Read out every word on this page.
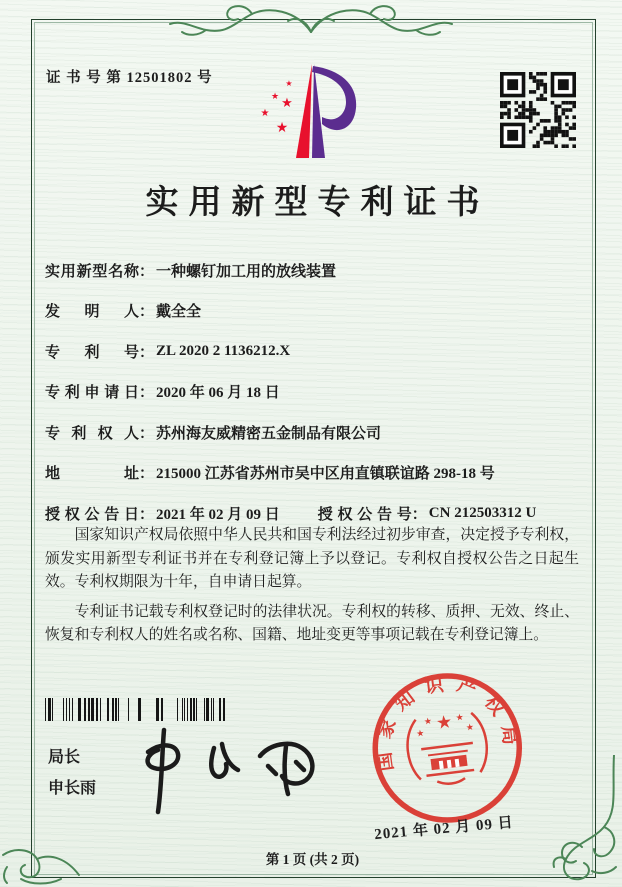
证 书 号 第 12501802 号	★
★ ★
★
★
实用新型专利证书
实用新型名称 ： 一种螺钉加工用的放线装置
发明人 ： 戴全全
专利号 ： ZL 2020 2 1136212.X
专利申请日 ： 2020 年 06 月 18 日
专利权人 ： 苏州海友威精密五金制品有限公司
地址 ： 215000 江苏省苏州市吴中区甪直镇联谊路 298-18 号
授权公告日 ： 2021 年 02 月 09 日	授权公告号 ： CN 212503312 U

国家知识产权局依照中华人民共和国专利法经过初步审查，决定授予专利权，颁发实用新型专利证书并在专利登记簿上予以登记。专利权自授权公告之日起生效。专利权期限为十年，自申请日起算。

专利证书记载专利权登记时的法律状况。专利权的转移、质押、无效、终止、恢复和专利权人的姓名或名称、国籍、地址变更等事项记载在专利登记簿上。

局长
申长雨
国家知识产权局
★
★	★
★
★
2021 年 02 月 09 日
第 1 页 (共 2 页)
